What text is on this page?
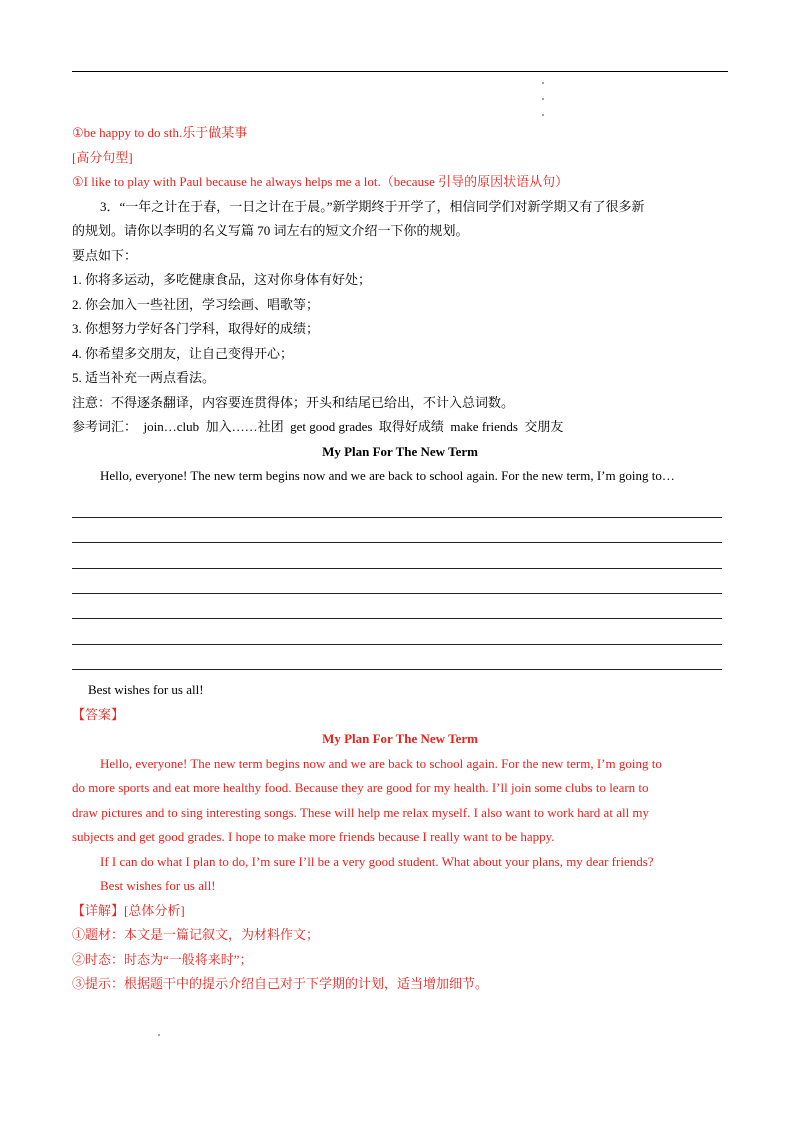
①be happy to do sth.乐于做某事
[高分句型]
①I like to play with Paul because he always helps me a lot.（because 引导的原因状语从句）
3．“一年之计在于春，一日之计在于晨。”新学期终于开学了，相信同学们对新学期又有了很多新
的规划。请你以李明的名义写篇 70 词左右的短文介绍一下你的规划。
要点如下：
1. 你将多运动，多吃健康食品，这对你身体有好处；
2. 你会加入一些社团，学习绘画、唱歌等；
3. 你想努力学好各门学科，取得好的成绩；
4. 你希望多交朋友，让自己变得开心；
5. 适当补充一两点看法。
注意：不得逐条翻译，内容要连贯得体；开头和结尾已给出，不计入总词数。
参考词汇：  join…club  加入……社团  get good grades  取得好成绩  make friends  交朋友
My Plan For The New Term
Hello, everyone! The new term begins now and we are back to school again. For the new term, I’m going to…
Best wishes for us all!
【答案】
My Plan For The New Term
Hello, everyone! The new term begins now and we are back to school again. For the new term, I’m going to
do more sports and eat more healthy food. Because they are good for my health. I’ll join some clubs to learn to
draw pictures and to sing interesting songs. These will help me relax myself. I also want to work hard at all my
subjects and get good grades. I hope to make more friends because I really want to be happy.
If I can do what I plan to do, I’m sure I’ll be a very good student. What about your plans, my dear friends?
Best wishes for us all!
【详解】[总体分析]
①题材：本文是一篇记叙文，为材料作文；
②时态：时态为“一般将来时”；
③提示：根据题干中的提示介绍自己对于下学期的计划，适当增加细节。
